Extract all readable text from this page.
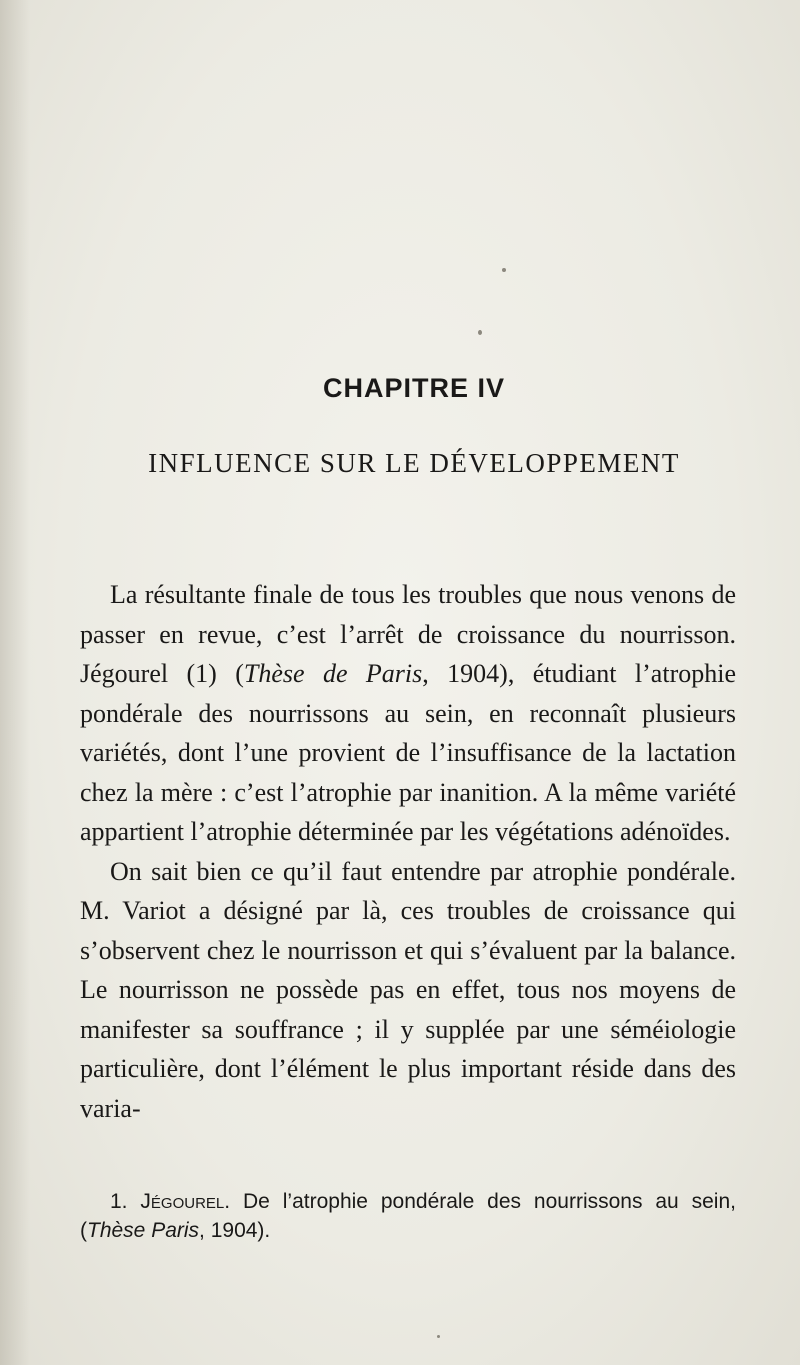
CHAPITRE IV
INFLUENCE SUR LE DÉVELOPPEMENT

La résultante finale de tous les troubles que nous venons de passer en revue, c’est l’arrêt de croissance du nourrisson. Jégourel (1) (Thèse de Paris, 1904), étudiant l’atrophie pondérale des nourrissons au sein, en reconnaît plusieurs variétés, dont l’une provient de l’insuffisance de la lactation chez la mère : c’est l’atrophie par inanition. A la même variété appartient l’atrophie déterminée par les végétations adénoïdes.

On sait bien ce qu’il faut entendre par atrophie pondérale. M. Variot a désigné par là, ces troubles de croissance qui s’observent chez le nourrisson et qui s’évaluent par la balance. Le nourrisson ne possède pas en effet, tous nos moyens de manifester sa souffrance ; il y supplée par une séméiologie particulière, dont l’élément le plus important réside dans des varia-

1. Jégourel. De l’atrophie pondérale des nourrissons au sein, (Thèse Paris, 1904).
